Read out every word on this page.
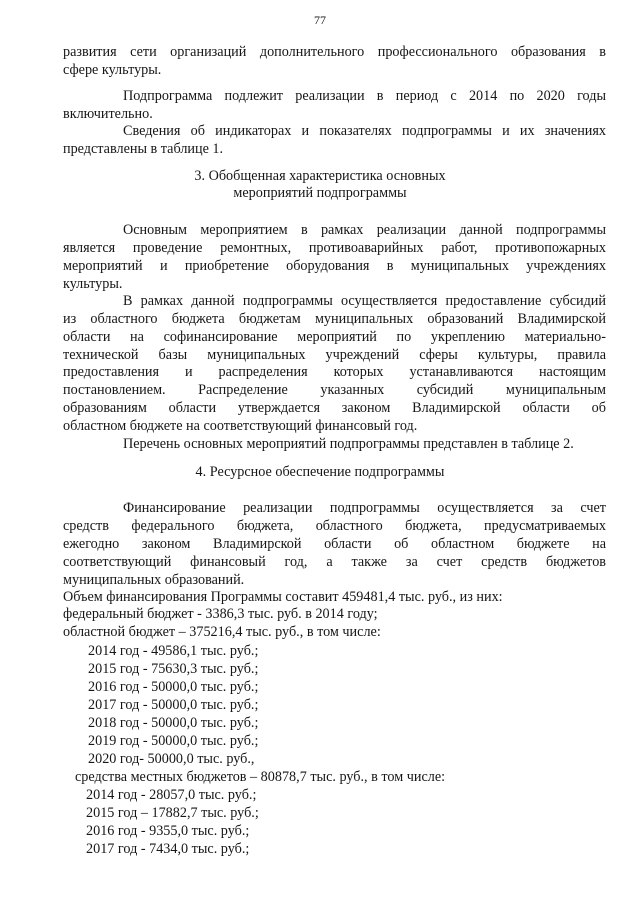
77
развития сети организаций дополнительного профессионального образования в
сфере культуры.
Подпрограмма подлежит реализации в период с 2014 по 2020 годы
включительно.
Сведения об индикаторах и показателях подпрограммы и их значениях
представлены в таблице 1.
3. Обобщенная характеристика основных
мероприятий подпрограммы
Основным мероприятием в рамках реализации данной подпрограммы
является проведение ремонтных, противоаварийных работ, противопожарных
мероприятий и приобретение оборудования в муниципальных учреждениях
культуры.
В рамках данной подпрограммы осуществляется предоставление субсидий
из областного бюджета бюджетам муниципальных образований Владимирской
области на софинансирование мероприятий по укреплению материально-
технической базы муниципальных учреждений сферы культуры, правила
предоставления и распределения которых устанавливаются настоящим
постановлением. Распределение указанных субсидий муниципальным
образованиям области утверждается законом Владимирской области об
областном бюджете на соответствующий финансовый год.
Перечень основных мероприятий подпрограммы представлен в таблице 2.
4. Ресурсное обеспечение подпрограммы
Финансирование реализации подпрограммы осуществляется за счет
средств федерального бюджета, областного бюджета, предусматриваемых
ежегодно законом Владимирской области об областном бюджете на
соответствующий финансовый год, а также за счет средств бюджетов
муниципальных образований.
Объем финансирования Программы составит 459481,4 тыс. руб., из них:
федеральный бюджет - 3386,3 тыс. руб. в 2014 году;
областной бюджет – 375216,4 тыс. руб., в том числе:
2014 год - 49586,1 тыс. руб.;
2015 год - 75630,3 тыс. руб.;
2016 год - 50000,0 тыс. руб.;
2017 год - 50000,0 тыс. руб.;
2018 год - 50000,0 тыс. руб.;
2019 год - 50000,0 тыс. руб.;
2020 год- 50000,0 тыс. руб.,
средства местных бюджетов – 80878,7 тыс. руб., в том числе:
2014 год - 28057,0 тыс. руб.;
2015 год – 17882,7 тыс. руб.;
2016 год - 9355,0 тыс. руб.;
2017 год - 7434,0 тыс. руб.;
